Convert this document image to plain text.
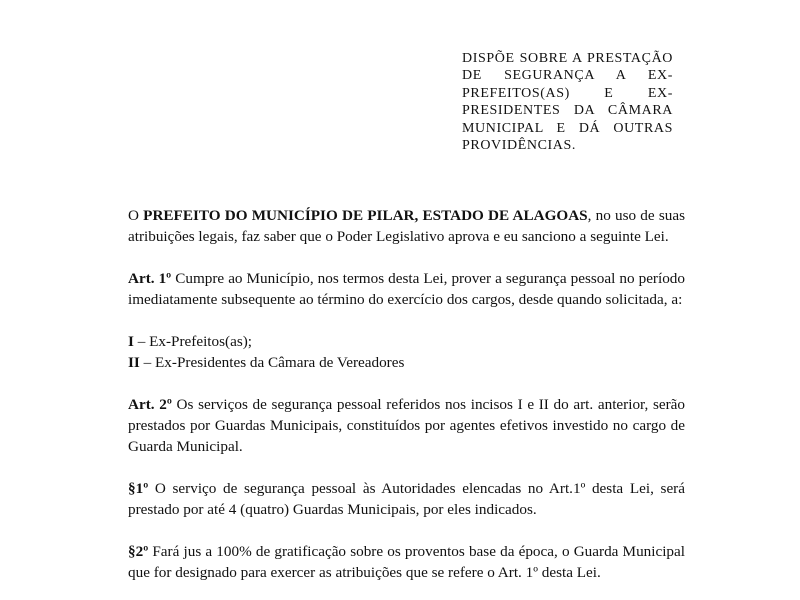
DISPÕE SOBRE A PRESTAÇÃO DE SEGURANÇA A EX-PREFEITOS(AS) E EX-PRESIDENTES DA CÂMARA MUNICIPAL E DÁ OUTRAS PROVIDÊNCIAS.

O PREFEITO DO MUNICÍPIO DE PILAR, ESTADO DE ALAGOAS, no uso de suas atribuições legais, faz saber que o Poder Legislativo aprova e eu sanciono a seguinte Lei.

Art. 1º Cumpre ao Município, nos termos desta Lei, prover a segurança pessoal no período imediatamente subsequente ao término do exercício dos cargos, desde quando solicitada, a:

I – Ex-Prefeitos(as);
II – Ex-Presidentes da Câmara de Vereadores

Art. 2º Os serviços de segurança pessoal referidos nos incisos I e II do art. anterior, serão prestados por Guardas Municipais, constituídos por agentes efetivos investido no cargo de Guarda Municipal.

§1º O serviço de segurança pessoal às Autoridades elencadas no Art.1º desta Lei, será prestado por até 4 (quatro) Guardas Municipais, por eles indicados.

§2º Fará jus a 100% de gratificação sobre os proventos base da época, o Guarda Municipal que for designado para exercer as atribuições que se refere o Art. 1º desta Lei.
